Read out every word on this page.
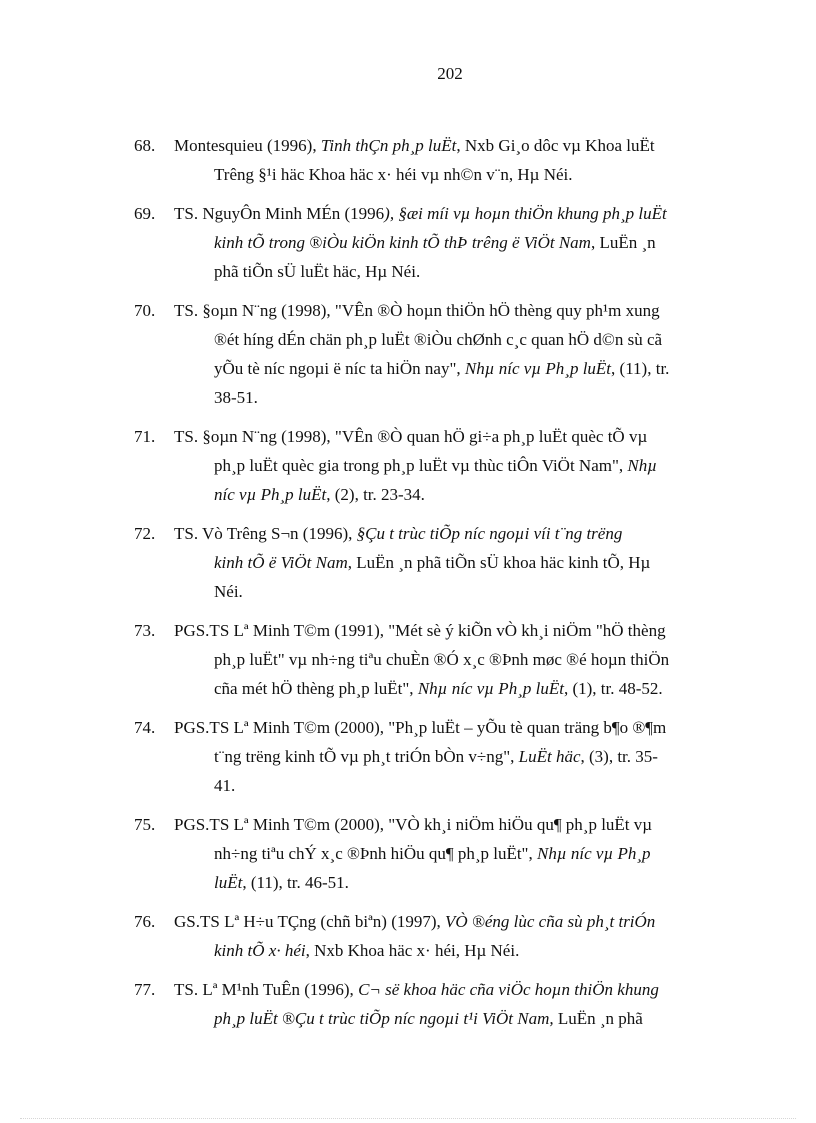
202
68. Montesquieu (1996), Tinh thÇn ph¸p luËt, Nxb Gi¸o dôc vµ Khoa luËt
Trêng §¹i häc Khoa häc x· héi vµ nh©n v¨n, Hµ Néi.
69. TS. NguyÔn Minh MÉn (1996), §æi míi vµ hoµn thiÖn khung ph¸p luËt
kinh tÕ trong ®iÒu kiÖn kinh tÕ thÞ trêng ë ViÖt Nam, LuËn ¸n
phã tiÕn sÜ luËt häc, Hµ Néi.
70. TS. §oµn N¨ng (1998), "VÊn ®Ò hoµn thiÖn hÖ thèng quy ph¹m xung
®ét híng dÉn chän ph¸p luËt ®iÒu chØnh c¸c quan hÖ d©n sù cã
yÕu tè níc ngoµi ë níc ta hiÖn nay", Nhµ níc vµ Ph¸p luËt, (11), tr.
38-51.
71. TS. §oµn N¨ng (1998), "VÊn ®Ò quan hÖ gi÷a ph¸p luËt quèc tÕ vµ
ph¸p luËt quèc gia trong ph¸p luËt vµ thùc tiÔn ViÖt Nam", Nhµ
níc vµ Ph¸p luËt, (2), tr. 23-34.
72. TS. Vò Trêng S¬n (1996), §Çu t trùc tiÕp níc ngoµi víi t¨ng trëng
kinh tÕ ë ViÖt Nam, LuËn ¸n phã tiÕn sÜ khoa häc kinh tÕ, Hµ
Néi.
73. PGS.TS Lª Minh T©m (1991), "Mét sè ý kiÕn vÒ kh¸i niÖm "hÖ thèng
ph¸p luËt" vµ nh÷ng tiªu chuÈn ®Ó x¸c ®Þnh møc ®é hoµn thiÖn
cña mét hÖ thèng ph¸p luËt", Nhµ níc vµ Ph¸p luËt, (1), tr. 48-52.
74. PGS.TS Lª Minh T©m (2000), "Ph¸p luËt – yÕu tè quan träng b¶o ®¶m
t¨ng trëng kinh tÕ vµ ph¸t triÓn bÒn v÷ng", LuËt häc, (3), tr. 35-
41.
75. PGS.TS Lª Minh T©m (2000), "VÒ kh¸i niÖm hiÖu qu¶ ph¸p luËt vµ
nh÷ng tiªu chÝ x¸c ®Þnh hiÖu qu¶ ph¸p luËt", Nhµ níc vµ Ph¸p
luËt, (11), tr. 46-51.
76. GS.TS Lª H÷u TÇng (chñ biªn) (1997), VÒ ®éng lùc cña sù ph¸t triÓn
kinh tÕ x· héi, Nxb Khoa häc x· héi, Hµ Néi.
77. TS. Lª M¹nh TuÊn (1996), C¬ së khoa häc cña viÖc hoµn thiÖn khung
ph¸p luËt ®Çu t trùc tiÕp níc ngoµi t¹i ViÖt Nam, LuËn ¸n phã
